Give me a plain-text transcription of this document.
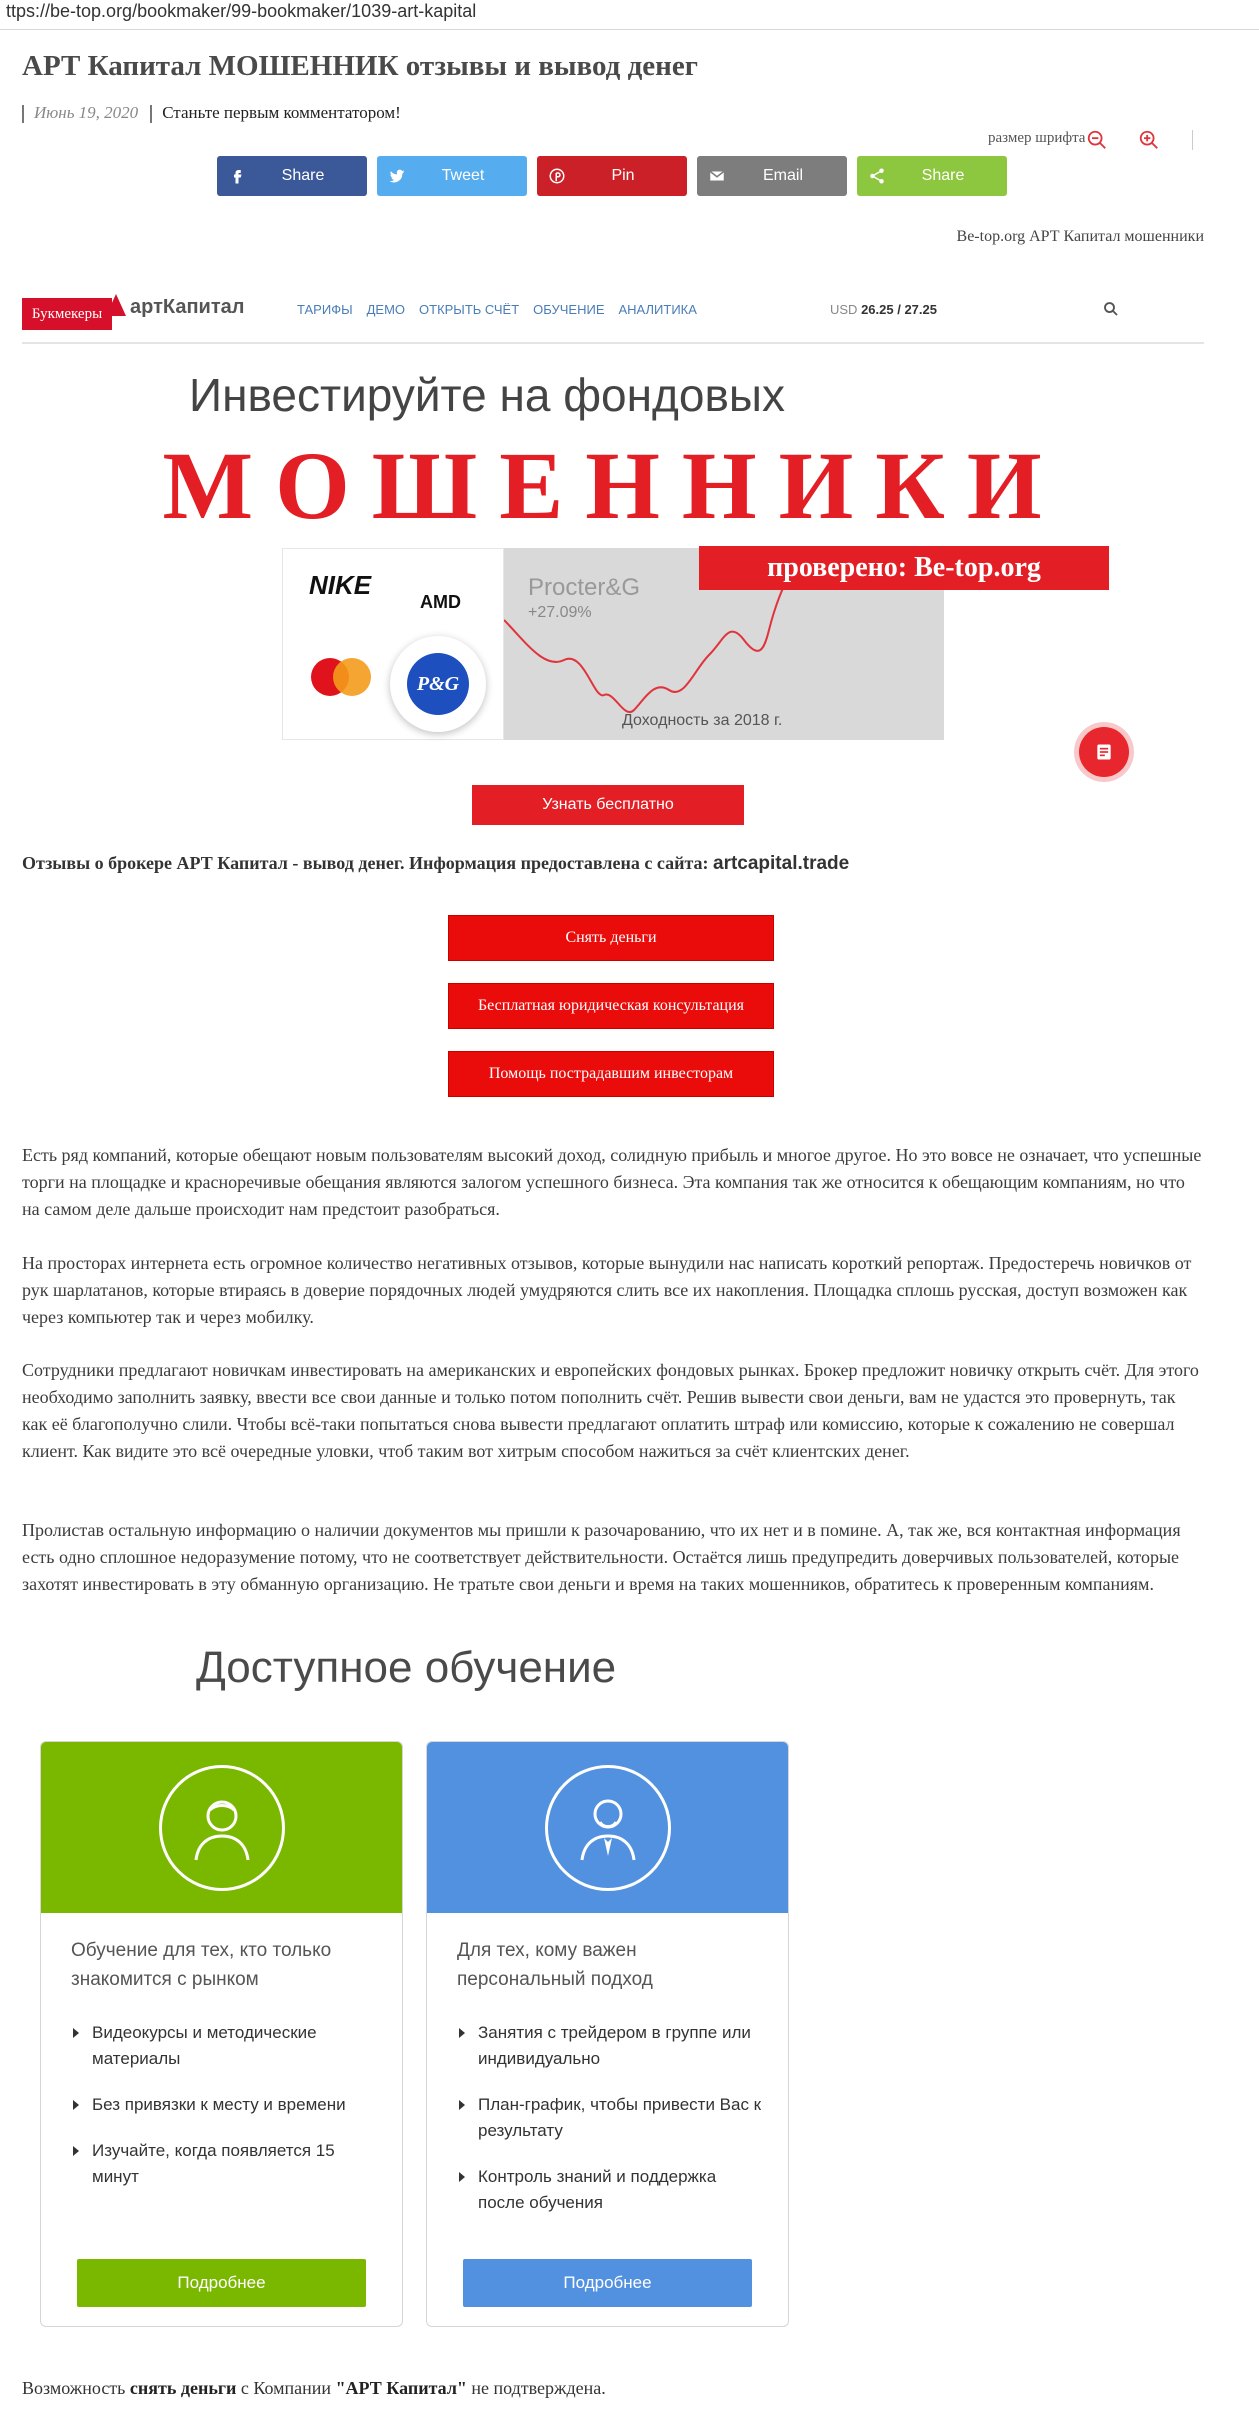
ttps://be-top.org/bookmaker/99-bookmaker/1039-art-kapital
АРТ Капитал МОШЕННИК отзывы и вывод денег
Июнь 19, 2020 Станьте первым комментатором!
размер шрифта
Share	Tweet	Pin	Email	Share
Be-top.org АРТ Капитал мошенники
Букмекеры	артКапитал	ТАРИФЫ ДЕМО ОТКРЫТЬ СЧЁТ ОБУЧЕНИЕ АНАЛИТИКА	USD 26.25 / 27.25
Инвестируйте на фондовых
NIKE
AMD
P&G
Procter&G
+27.09%
Доходность за 2018 г.
МОШЕННИКИ
проверено: Be-top.org
Узнать бесплатно
Отзывы о брокере АРТ Капитал - вывод денег. Информация предоставлена с сайта: artcapital.trade
Снять деньги
Бесплатная юридическая консультация
Помощь пострадавшим инвесторам

Есть ряд компаний, которые обещают новым пользователям высокий доход, солидную прибыль и многое другое. Но это вовсе не означает, что успешные торги на площадке и красноречивые обещания являются залогом успешного бизнеса. Эта компания так же относится к обещающим компаниям, но что на самом деле дальше происходит нам предстоит разобраться.

На просторах интернета есть огромное количество негативных отзывов, которые вынудили нас написать короткий репортаж. Предостеречь новичков от рук шарлатанов, которые втираясь в доверие порядочных людей умудряются слить все их накопления. Площадка сплошь русская, доступ возможен как через компьютер так и через мобилку.

Сотрудники предлагают новичкам инвестировать на американских и европейских фондовых рынках. Брокер предложит новичку открыть счёт. Для этого необходимо заполнить заявку, ввести все свои данные и только потом пополнить счёт. Решив вывести свои деньги, вам не удастся это провернуть, так как её благополучно слили. Чтобы всё-таки попытаться снова вывести предлагают оплатить штраф или комиссию, которые к сожалению не совершал клиент. Как видите это всё очередные уловки, чтоб таким вот хитрым способом нажиться за счёт клиентских денег.

Пролистав остальную информацию о наличии документов мы пришли к разочарованию, что их нет и в помине. А, так же, вся контактная информация есть одно сплошное недоразумение потому, что не соответствует действительности. Остаётся лишь предупредить доверчивых пользователей, которые захотят инвестировать в эту обманную организацию. Не тратьте свои деньги и время на таких мошенников, обратитесь к проверенным компаниям.

Доступное обучение
Обучение для тех, кто только знакомится с рынком
Видеокурсы и методические материалы
Без привязки к месту и времени
Изучайте, когда появляется 15 минут
Подробнее
Для тех, кому важен персональный подход
Занятия с трейдером в группе или индивидуально
План-график, чтобы привести Вас к результату
Контроль знаний и поддержка после обучения
Подробнее
Возможность снять деньги с Компании "АРТ Капитал" не подтверждена.
